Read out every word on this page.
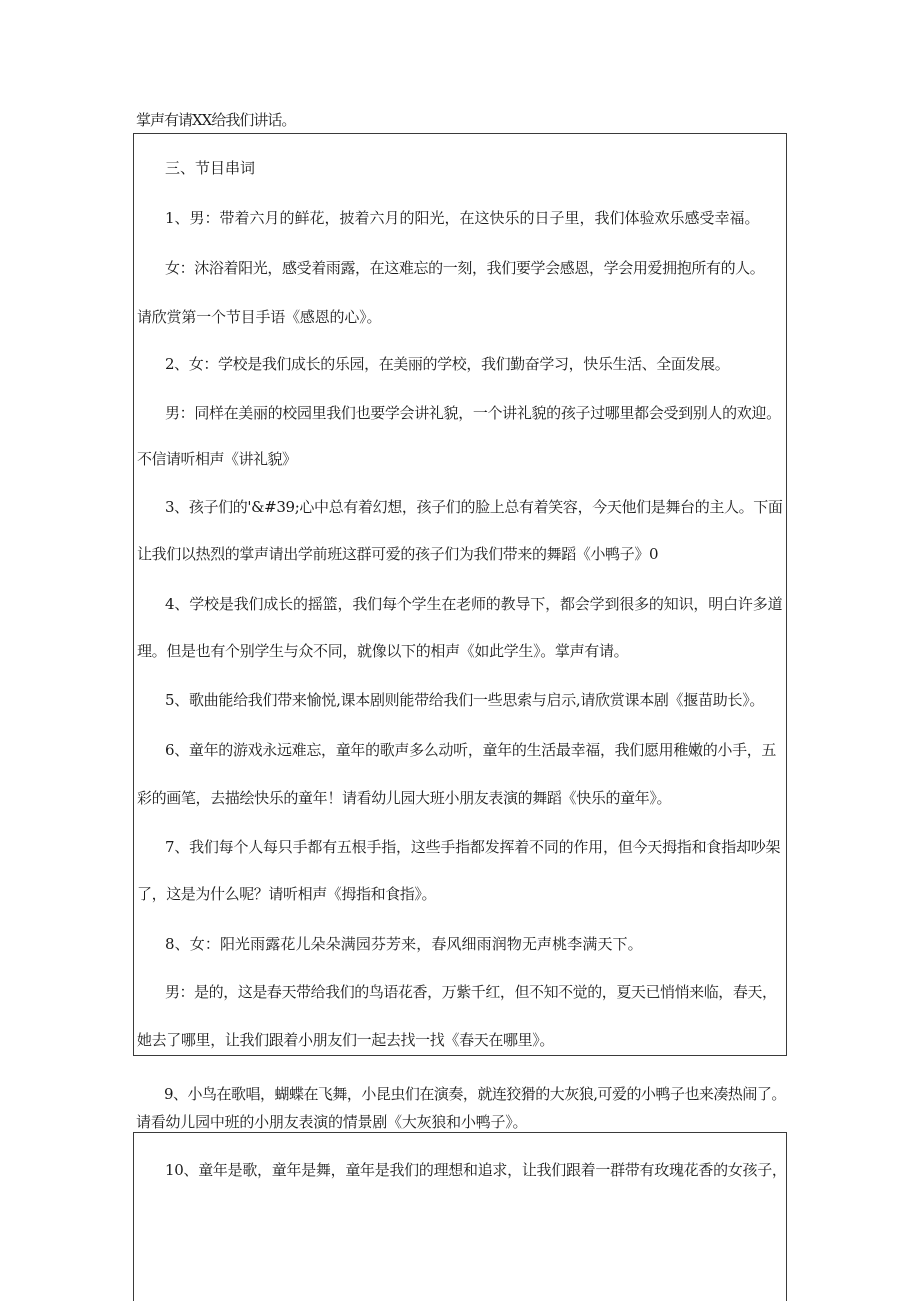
掌声有请XX给我们讲话。

三、节目串词

1、男：带着六月的鲜花，披着六月的阳光，在这快乐的日子里，我们体验欢乐感受幸福。

女：沐浴着阳光，感受着雨露，在这难忘的一刻，我们要学会感恩，学会用爱拥抱所有的人。

请欣赏第一个节目手语《感恩的心》。

2、女：学校是我们成长的乐园，在美丽的学校，我们勤奋学习，快乐生活、全面发展。

男：同样在美丽的校园里我们也要学会讲礼貌，一个讲礼貌的孩子过哪里都会受到别人的欢迎。

不信请听相声《讲礼貌》

3、孩子们的'&#39;心中总有着幻想，孩子们的脸上总有着笑容，今天他们是舞台的主人。下面

让我们以热烈的掌声请出学前班这群可爱的孩子们为我们带来的舞蹈《小鸭子》0

4、学校是我们成长的摇篮，我们每个学生在老师的教导下，都会学到很多的知识，明白许多道

理。但是也有个别学生与众不同，就像以下的相声《如此学生》。掌声有请。

5、歌曲能给我们带来愉悦,课本剧则能带给我们一些思索与启示,请欣赏课本剧《揠苗助长》。

6、童年的游戏永远难忘，童年的歌声多么动听，童年的生活最幸福，我们愿用稚嫩的小手，五

彩的画笔，去描绘快乐的童年！请看幼儿园大班小朋友表演的舞蹈《快乐的童年》。

7、我们每个人每只手都有五根手指，这些手指都发挥着不同的作用，但今天拇指和食指却吵架

了，这是为什么呢？请听相声《拇指和食指》。

8、女：阳光雨露花儿朵朵满园芬芳来，春风细雨润物无声桃李满天下。

男：是的，这是春天带给我们的鸟语花香，万紫千红，但不知不觉的，夏天已悄悄来临，春天，

她去了哪里，让我们跟着小朋友们一起去找一找《春天在哪里》。

9、小鸟在歌唱，蝴蝶在飞舞，小昆虫们在演奏，就连狡猾的大灰狼,可爱的小鸭子也来凑热闹了。

请看幼儿园中班的小朋友表演的情景剧《大灰狼和小鸭子》。

10、童年是歌，童年是舞，童年是我们的理想和追求，让我们跟着一群带有玫瑰花香的女孩子，
